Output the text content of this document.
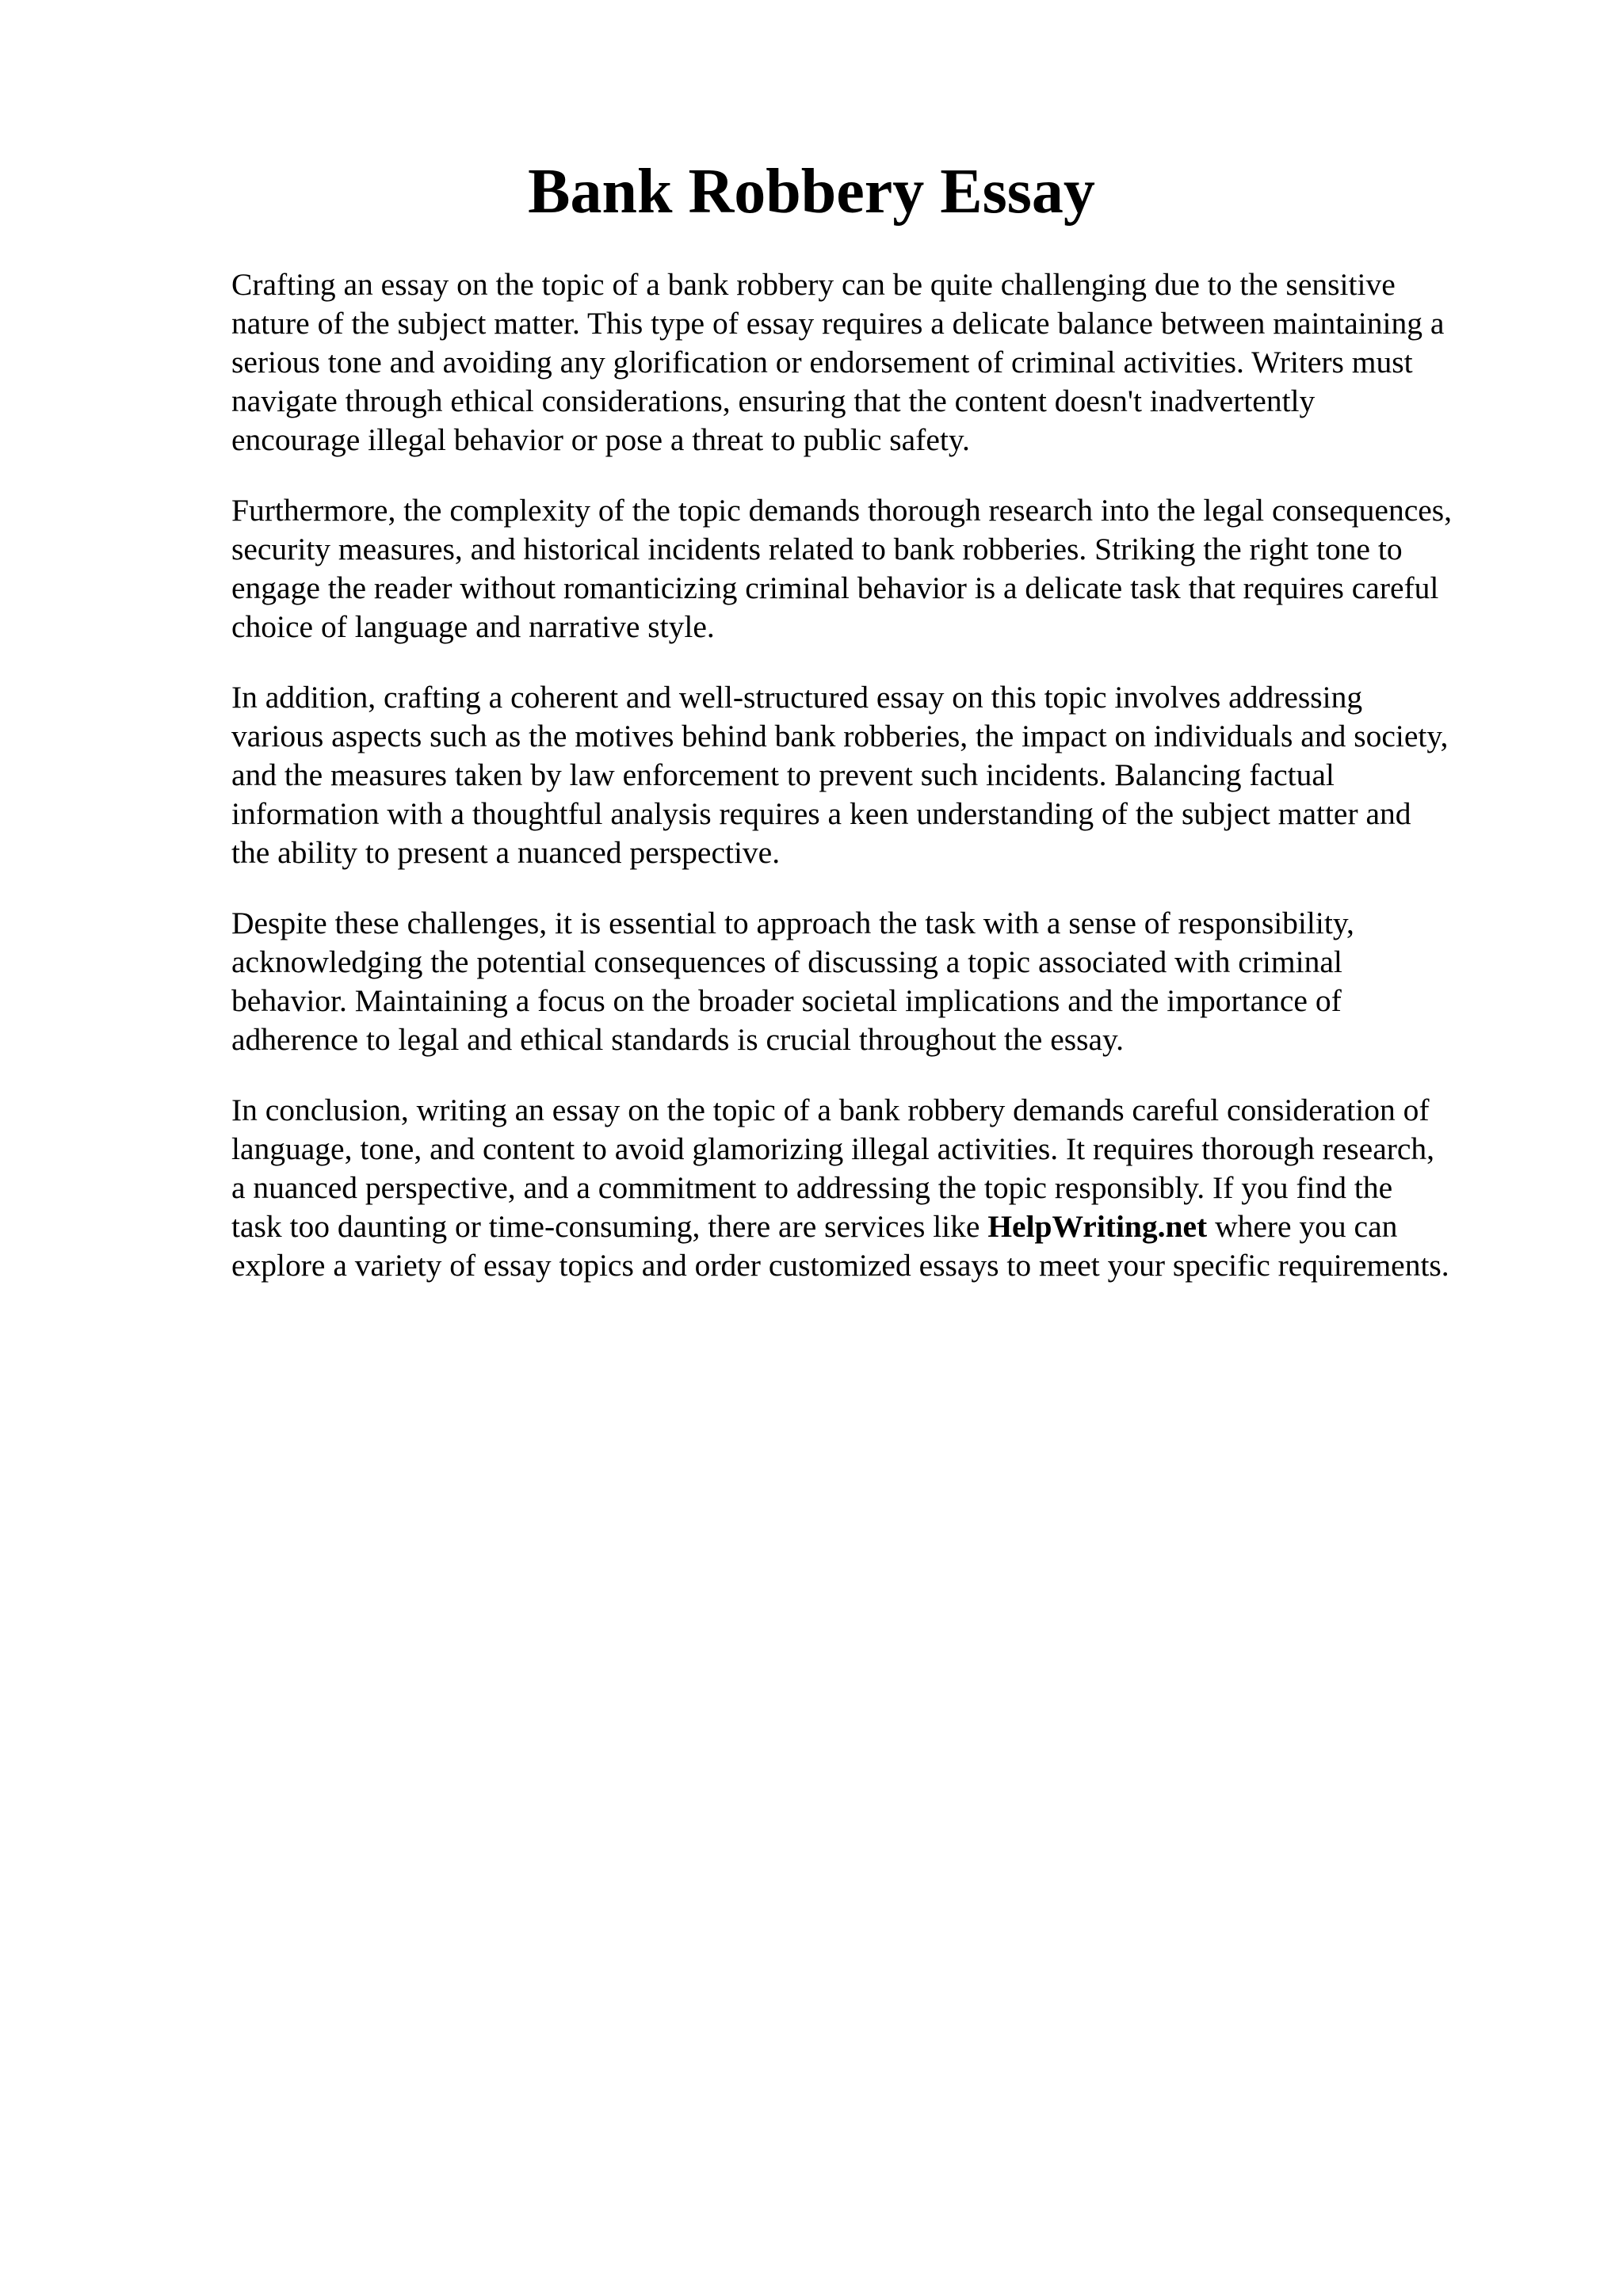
Bank Robbery Essay

Crafting an essay on the topic of a bank robbery can be quite challenging due to the sensitive
nature of the subject matter. This type of essay requires a delicate balance between maintaining a
serious tone and avoiding any glorification or endorsement of criminal activities. Writers must
navigate through ethical considerations, ensuring that the content doesn't inadvertently
encourage illegal behavior or pose a threat to public safety.

Furthermore, the complexity of the topic demands thorough research into the legal consequences,
security measures, and historical incidents related to bank robberies. Striking the right tone to
engage the reader without romanticizing criminal behavior is a delicate task that requires careful
choice of language and narrative style.

In addition, crafting a coherent and well-structured essay on this topic involves addressing
various aspects such as the motives behind bank robberies, the impact on individuals and society,
and the measures taken by law enforcement to prevent such incidents. Balancing factual
information with a thoughtful analysis requires a keen understanding of the subject matter and
the ability to present a nuanced perspective.

Despite these challenges, it is essential to approach the task with a sense of responsibility,
acknowledging the potential consequences of discussing a topic associated with criminal
behavior. Maintaining a focus on the broader societal implications and the importance of
adherence to legal and ethical standards is crucial throughout the essay.

In conclusion, writing an essay on the topic of a bank robbery demands careful consideration of
language, tone, and content to avoid glamorizing illegal activities. It requires thorough research,
a nuanced perspective, and a commitment to addressing the topic responsibly. If you find the
task too daunting or time-consuming, there are services like HelpWriting.net where you can
explore a variety of essay topics and order customized essays to meet your specific requirements.
